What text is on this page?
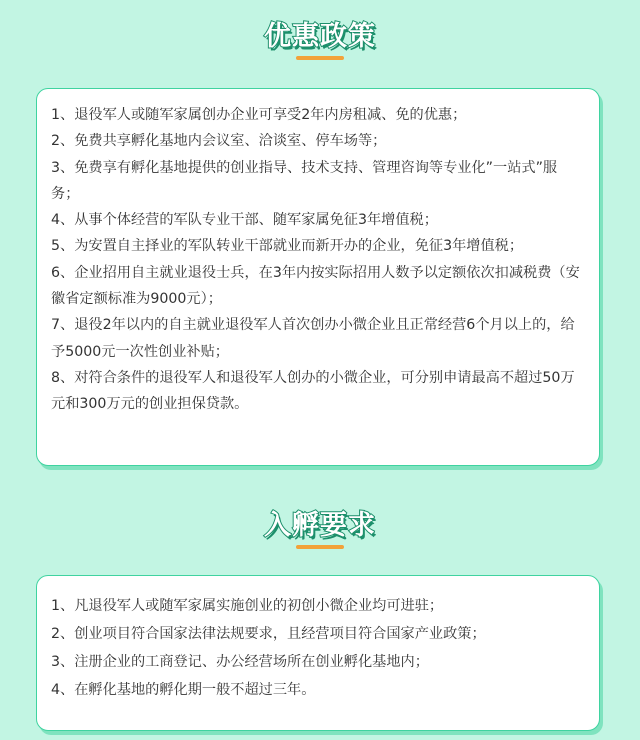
优惠政策
1、退役军人或随军家属创办企业可享受2年内房租减、免的优惠；
2、免费共享孵化基地内会议室、洽谈室、停车场等；
3、免费享有孵化基地提供的创业指导、技术支持、管理咨询等专业化”一站式”服务；
4、从事个体经营的军队专业干部、随军家属免征3年增值税；
5、为安置自主择业的军队转业干部就业而新开办的企业，免征3年增值税；
6、企业招用自主就业退役士兵，在3年内按实际招用人数予以定额依次扣减税费（安徽省定额标准为9000元）；
7、退役2年以内的自主就业退役军人首次创办小微企业且正常经营6个月以上的，给予5000元一次性创业补贴；
8、对符合条件的退役军人和退役军人创办的小微企业，可分别申请最高不超过50万元和300万元的创业担保贷款。
入孵要求
1、凡退役军人或随军家属实施创业的初创小微企业均可进驻；
2、创业项目符合国家法律法规要求，且经营项目符合国家产业政策；
3、注册企业的工商登记、办公经营场所在创业孵化基地内；
4、在孵化基地的孵化期一般不超过三年。
